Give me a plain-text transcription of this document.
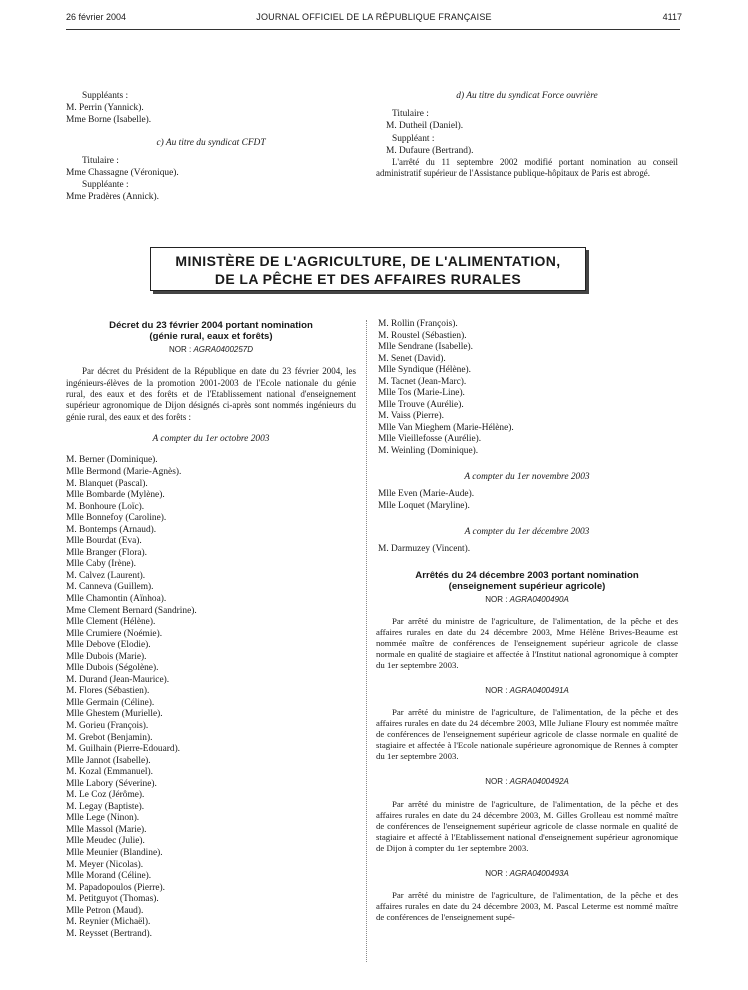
26 février 2004	JOURNAL OFFICIEL DE LA RÉPUBLIQUE FRANÇAISE	4117
Suppléants :
M. Perrin (Yannick).
Mme Borne (Isabelle).
c) Au titre du syndicat CFDT
Titulaire :
Mme Chassagne (Véronique).
Suppléante :
Mme Pradères (Annick).
d) Au titre du syndicat Force ouvrière
Titulaire :
M. Dutheil (Daniel).
Suppléant :
M. Dufaure (Bertrand).
L'arrêté du 11 septembre 2002 modifié portant nomination au conseil administratif supérieur de l'Assistance publique-hôpitaux de Paris est abrogé.
MINISTÈRE DE L'AGRICULTURE, DE L'ALIMENTATION,
DE LA PÊCHE ET DES AFFAIRES RURALES
Décret du 23 février 2004 portant nomination
(génie rural, eaux et forêts)
NOR : AGRA0400257D
Par décret du Président de la République en date du 23 février 2004, les ingénieurs-élèves de la promotion 2001-2003 de l'Ecole nationale du génie rural, des eaux et des forêts et de l'Etablissement national d'enseignement supérieur agronomique de Dijon désignés ci-après sont nommés ingénieurs du génie rural, des eaux et des forêts :
A compter du 1er octobre 2003
M. Berner (Dominique).
Mlle Bermond (Marie-Agnès).
M. Blanquet (Pascal).
Mlle Bombarde (Mylène).
M. Bonhoure (Loïc).
Mlle Bonnefoy (Caroline).
M. Bontemps (Arnaud).
Mlle Bourdat (Eva).
Mlle Branger (Flora).
Mlle Caby (Irène).
M. Calvez (Laurent).
M. Canneva (Guillem).
Mlle Chamontin (Aïnhoa).
Mme Clement Bernard (Sandrine).
Mlle Clement (Hélène).
Mlle Crumiere (Noémie).
Mlle Debove (Elodie).
Mlle Dubois (Marie).
Mlle Dubois (Ségolène).
M. Durand (Jean-Maurice).
M. Flores (Sébastien).
Mlle Germain (Céline).
Mlle Ghestem (Murielle).
M. Gorieu (François).
M. Grebot (Benjamin).
M. Guilhain (Pierre-Edouard).
Mlle Jannot (Isabelle).
M. Kozal (Emmanuel).
Mlle Labory (Séverine).
M. Le Coz (Jérôme).
M. Legay (Baptiste).
Mlle Lege (Ninon).
Mlle Massol (Marie).
Mlle Meudec (Julie).
Mlle Meunier (Blandine).
M. Meyer (Nicolas).
Mlle Morand (Céline).
M. Papadopoulos (Pierre).
M. Petitguyot (Thomas).
Mlle Petron (Maud).
M. Reynier (Michaël).
M. Reysset (Bertrand).
M. Rollin (François).
M. Roustel (Sébastien).
Mlle Sendrane (Isabelle).
M. Senet (David).
Mlle Syndique (Hélène).
M. Tacnet (Jean-Marc).
Mlle Tos (Marie-Line).
Mlle Trouve (Aurélie).
M. Vaiss (Pierre).
Mlle Van Mieghem (Marie-Hélène).
Mlle Vieillefosse (Aurélie).
M. Weinling (Dominique).
A compter du 1er novembre 2003
Mlle Even (Marie-Aude).
Mlle Loquet (Maryline).
A compter du 1er décembre 2003
M. Darmuzey (Vincent).
Arrêtés du 24 décembre 2003 portant nomination
(enseignement supérieur agricole)
NOR : AGRA0400490A
Par arrêté du ministre de l'agriculture, de l'alimentation, de la pêche et des affaires rurales en date du 24 décembre 2003, Mme Hélène Brives-Beaume est nommée maître de conférences de l'enseignement supérieur agricole de classe normale en qualité de stagiaire et affectée à l'Institut national agronomique à compter du 1er septembre 2003.
NOR : AGRA0400491A
Par arrêté du ministre de l'agriculture, de l'alimentation, de la pêche et des affaires rurales en date du 24 décembre 2003, Mlle Juliane Floury est nommée maître de conférences de l'enseignement supérieur agricole de classe normale en qualité de stagiaire et affectée à l'Ecole nationale supérieure agronomique de Rennes à compter du 1er septembre 2003.
NOR : AGRA0400492A
Par arrêté du ministre de l'agriculture, de l'alimentation, de la pêche et des affaires rurales en date du 24 décembre 2003, M. Gilles Grolleau est nommé maître de conférences de l'enseignement supérieur agricole de classe normale en qualité de stagiaire et affecté à l'Etablissement national d'enseignement supérieur agronomique de Dijon à compter du 1er septembre 2003.
NOR : AGRA0400493A
Par arrêté du ministre de l'agriculture, de l'alimentation, de la pêche et des affaires rurales en date du 24 décembre 2003, M. Pascal Leterme est nommé maître de conférences de l'enseignement supé-
